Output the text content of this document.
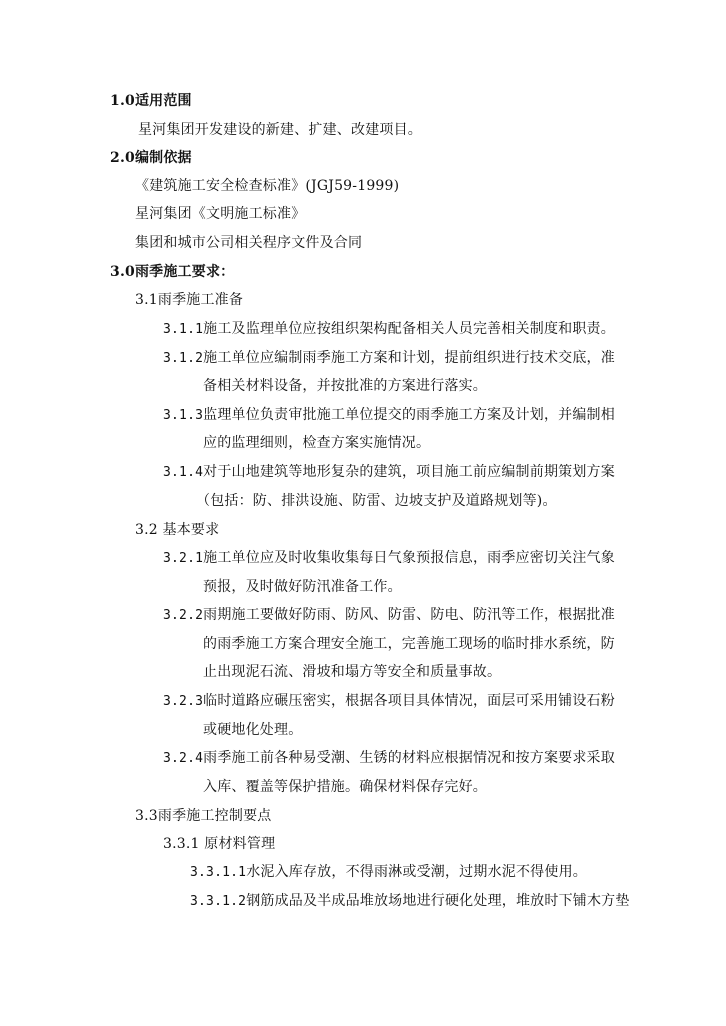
1.0适用范围
星河集团开发建设的新建、扩建、改建项目。
2.0编制依据
《建筑施工安全检查标准》(JGJ59-1999)
星河集团《文明施工标准》
集团和城市公司相关程序文件及合同
3.0雨季施工要求：
3.1雨季施工准备
3.1.1施工及监理单位应按组织架构配备相关人员完善相关制度和职责。
3.1.2施工单位应编制雨季施工方案和计划，提前组织进行技术交底，准
备相关材料设备，并按批准的方案进行落实。
3.1.3监理单位负责审批施工单位提交的雨季施工方案及计划，并编制相
应的监理细则，检查方案实施情况。
3.1.4对于山地建筑等地形复杂的建筑，项目施工前应编制前期策划方案
（包括：防、排洪设施、防雷、边坡支护及道路规划等)。
3.2 基本要求
3.2.1施工单位应及时收集收集每日气象预报信息，雨季应密切关注气象
预报，及时做好防汛准备工作。
3.2.2雨期施工要做好防雨、防风、防雷、防电、防汛等工作，根据批准
的雨季施工方案合理安全施工，完善施工现场的临时排水系统，防
止出现泥石流、滑坡和塌方等安全和质量事故。
3.2.3临时道路应碾压密实，根据各项目具体情况，面层可采用铺设石粉
或硬地化处理。
3.2.4雨季施工前各种易受潮、生锈的材料应根据情况和按方案要求采取
入库、覆盖等保护措施。确保材料保存完好。
3.3雨季施工控制要点
3.3.1 原材料管理
3.3.1.1水泥入库存放，不得雨淋或受潮，过期水泥不得使用。
3.3.1.2钢筋成品及半成品堆放场地进行硬化处理，堆放时下铺木方垫
